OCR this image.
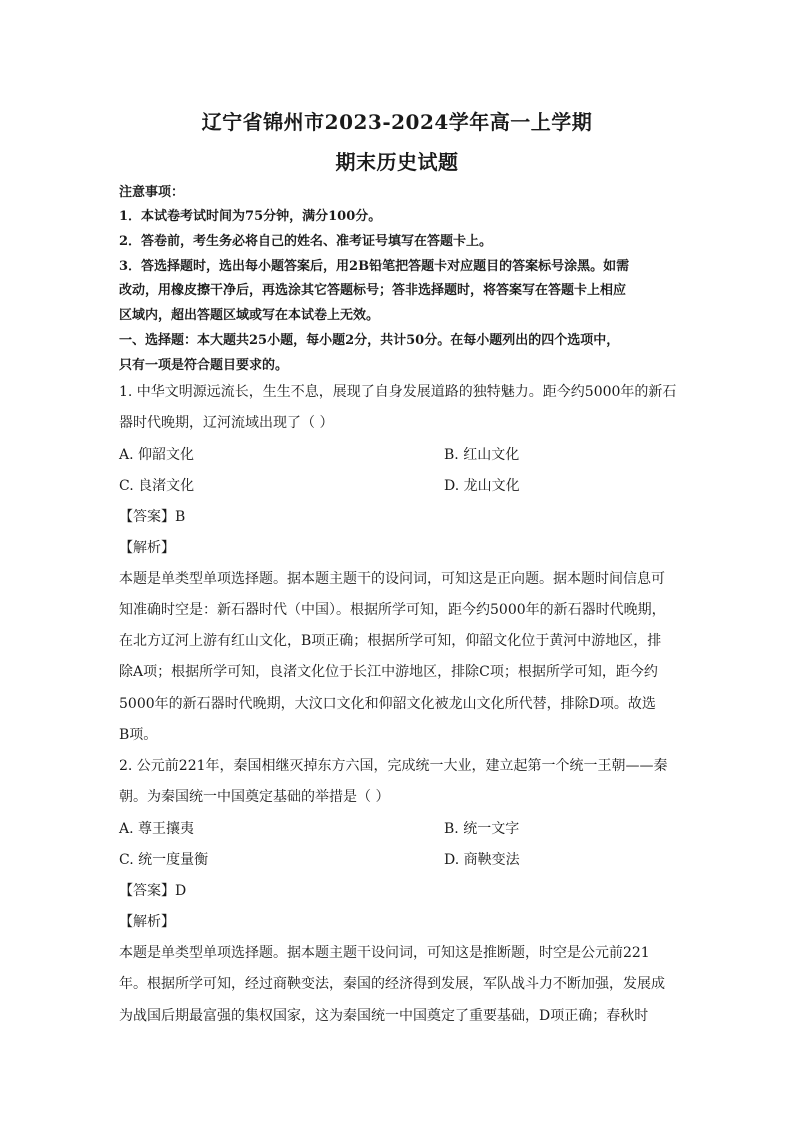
辽宁省锦州市2023-2024学年高一上学期
期末历史试题
注意事项：
1．本试卷考试时间为75分钟，满分100分。
2．答卷前，考生务必将自己的姓名、准考证号填写在答题卡上。
3．答选择题时，选出每小题答案后，用2B铅笔把答题卡对应题目的答案标号涂黑。如需
改动，用橡皮擦干净后，再选涂其它答题标号；答非选择题时，将答案写在答题卡上相应
区域内，超出答题区域或写在本试卷上无效。
一、选择题：本大题共25小题，每小题2分，共计50分。在每小题列出的四个选项中，
只有一项是符合题目要求的。
1. 中华文明源远流长，生生不息，展现了自身发展道路的独特魅力。距今约5000年的新石
器时代晚期，辽河流域出现了（ ）
A. 仰韶文化	B. 红山文化
C. 良渚文化	D. 龙山文化
【答案】B
【解析】
本题是单类型单项选择题。据本题主题干的设问词，可知这是正向题。据本题时间信息可
知准确时空是：新石器时代（中国）。根据所学可知，距今约5000年的新石器时代晚期，
在北方辽河上游有红山文化，B项正确；根据所学可知，仰韶文化位于黄河中游地区，排
除A项；根据所学可知，良渚文化位于长江中游地区，排除C项；根据所学可知，距今约
5000年的新石器时代晚期，大汶口文化和仰韶文化被龙山文化所代替，排除D项。故选
B项。
2. 公元前221年，秦国相继灭掉东方六国，完成统一大业，建立起第一个统一王朝——秦
朝。为秦国统一中国奠定基础的举措是（ ）
A. 尊王攘夷	B. 统一文字
C. 统一度量衡	D. 商鞅变法
【答案】D
【解析】
本题是单类型单项选择题。据本题主题干设问词，可知这是推断题，时空是公元前221
年。根据所学可知，经过商鞅变法，秦国的经济得到发展，军队战斗力不断加强，发展成
为战国后期最富强的集权国家，这为秦国统一中国奠定了重要基础，D项正确；春秋时
